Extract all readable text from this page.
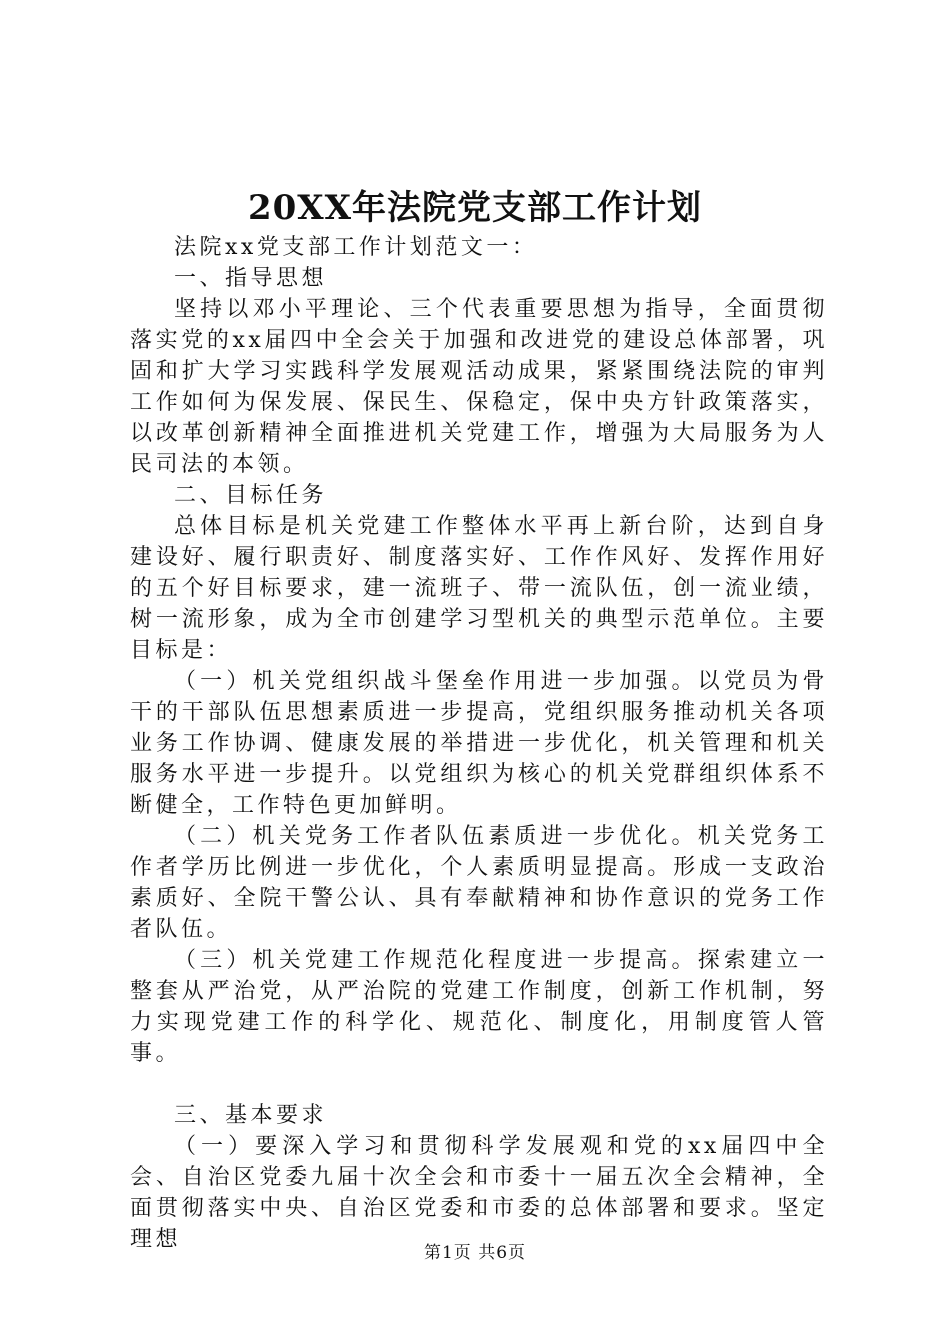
20XX年法院党支部工作计划

法院xx党支部工作计划范文一：

一、指导思想

坚持以邓小平理论、三个代表重要思想为指导，全面贯彻落实党的xx届四中全会关于加强和改进党的建设总体部署，巩固和扩大学习实践科学发展观活动成果，紧紧围绕法院的审判工作如何为保发展、保民生、保稳定，保中央方针政策落实，以改革创新精神全面推进机关党建工作，增强为大局服务为人民司法的本领。

二、目标任务

总体目标是机关党建工作整体水平再上新台阶，达到自身建设好、履行职责好、制度落实好、工作作风好、发挥作用好的五个好目标要求，建一流班子、带一流队伍，创一流业绩，树一流形象，成为全市创建学习型机关的典型示范单位。主要目标是：

（一）机关党组织战斗堡垒作用进一步加强。以党员为骨干的干部队伍思想素质进一步提高，党组织服务推动机关各项业务工作协调、健康发展的举措进一步优化，机关管理和机关服务水平进一步提升。以党组织为核心的机关党群组织体系不断健全，工作特色更加鲜明。

（二）机关党务工作者队伍素质进一步优化。机关党务工作者学历比例进一步优化，个人素质明显提高。形成一支政治素质好、全院干警公认、具有奉献精神和协作意识的党务工作者队伍。

（三）机关党建工作规范化程度进一步提高。探索建立一整套从严治党，从严治院的党建工作制度，创新工作机制，努力实现党建工作的科学化、规范化、制度化，用制度管人管事。

三、基本要求

（一）要深入学习和贯彻科学发展观和党的xx届四中全会、自治区党委九届十次全会和市委十一届五次全会精神，全面贯彻落实中央、自治区党委和市委的总体部署和要求。坚定理想

第1页 共6页
